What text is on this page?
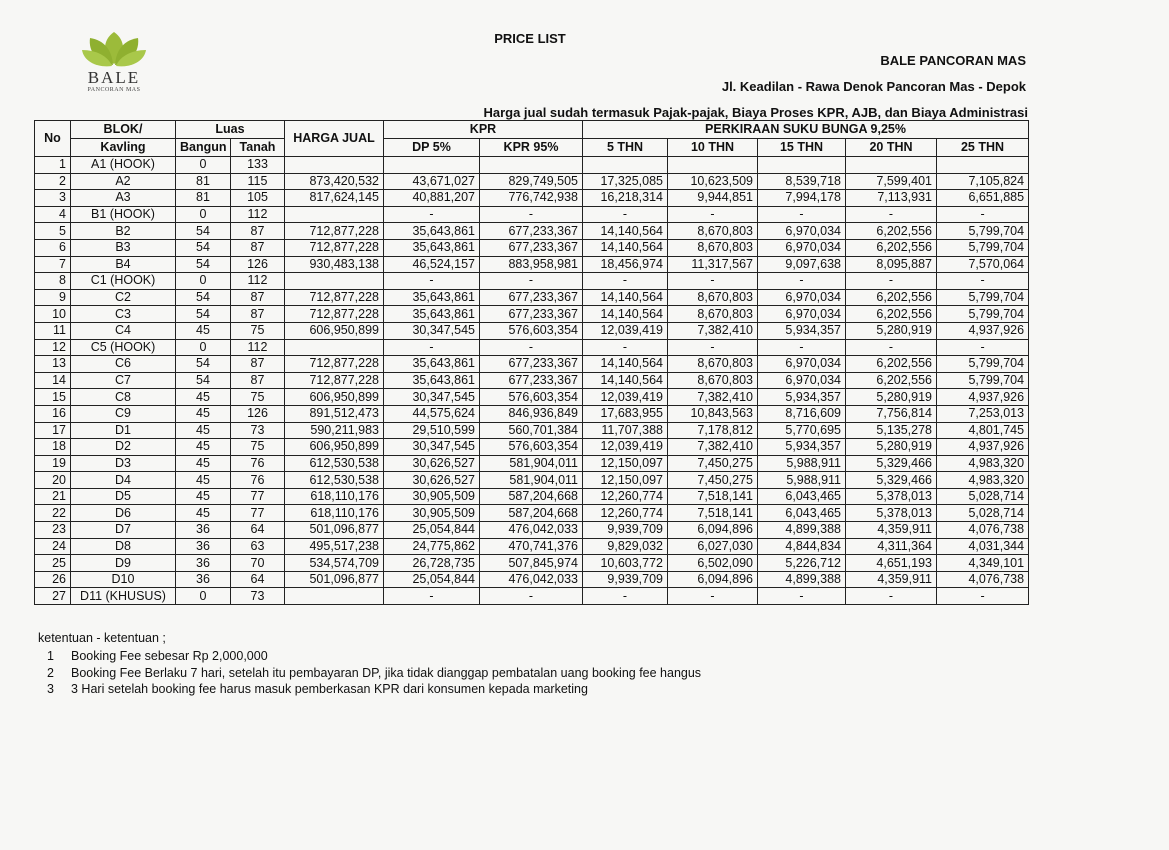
BALE
PANCORAN MAS
PRICE LIST
BALE PANCORAN MAS
Jl. Keadilan - Rawa Denok Pancoran Mas - Depok
Harga jual sudah termasuk Pajak-pajak, Biaya Proses KPR, AJB, dan Biaya Administrasi
No	BLOK/	Luas		HARGA JUAL	KPR		PERKIRAAN SUKU BUNGA 9,25%				
	Kavling	Bangun	Tanah		DP 5%	KPR 95%	5 THN	10 THN	15 THN	20 THN	25 THN
1	A1 (HOOK)	0	133								
2	A2	81	115	873,420,532	43,671,027	829,749,505	17,325,085	10,623,509	8,539,718	7,599,401	7,105,824
3	A3	81	105	817,624,145	40,881,207	776,742,938	16,218,314	9,944,851	7,994,178	7,113,931	6,651,885
4	B1 (HOOK)	0	112		-	-	-	-	-	-	-
5	B2	54	87	712,877,228	35,643,861	677,233,367	14,140,564	8,670,803	6,970,034	6,202,556	5,799,704
6	B3	54	87	712,877,228	35,643,861	677,233,367	14,140,564	8,670,803	6,970,034	6,202,556	5,799,704
7	B4	54	126	930,483,138	46,524,157	883,958,981	18,456,974	11,317,567	9,097,638	8,095,887	7,570,064
8	C1 (HOOK)	0	112		-	-	-	-	-	-	-
9	C2	54	87	712,877,228	35,643,861	677,233,367	14,140,564	8,670,803	6,970,034	6,202,556	5,799,704
10	C3	54	87	712,877,228	35,643,861	677,233,367	14,140,564	8,670,803	6,970,034	6,202,556	5,799,704
11	C4	45	75	606,950,899	30,347,545	576,603,354	12,039,419	7,382,410	5,934,357	5,280,919	4,937,926
12	C5 (HOOK)	0	112		-	-	-	-	-	-	-
13	C6	54	87	712,877,228	35,643,861	677,233,367	14,140,564	8,670,803	6,970,034	6,202,556	5,799,704
14	C7	54	87	712,877,228	35,643,861	677,233,367	14,140,564	8,670,803	6,970,034	6,202,556	5,799,704
15	C8	45	75	606,950,899	30,347,545	576,603,354	12,039,419	7,382,410	5,934,357	5,280,919	4,937,926
16	C9	45	126	891,512,473	44,575,624	846,936,849	17,683,955	10,843,563	8,716,609	7,756,814	7,253,013
17	D1	45	73	590,211,983	29,510,599	560,701,384	11,707,388	7,178,812	5,770,695	5,135,278	4,801,745
18	D2	45	75	606,950,899	30,347,545	576,603,354	12,039,419	7,382,410	5,934,357	5,280,919	4,937,926
19	D3	45	76	612,530,538	30,626,527	581,904,011	12,150,097	7,450,275	5,988,911	5,329,466	4,983,320
20	D4	45	76	612,530,538	30,626,527	581,904,011	12,150,097	7,450,275	5,988,911	5,329,466	4,983,320
21	D5	45	77	618,110,176	30,905,509	587,204,668	12,260,774	7,518,141	6,043,465	5,378,013	5,028,714
22	D6	45	77	618,110,176	30,905,509	587,204,668	12,260,774	7,518,141	6,043,465	5,378,013	5,028,714
23	D7	36	64	501,096,877	25,054,844	476,042,033	9,939,709	6,094,896	4,899,388	4,359,911	4,076,738
24	D8	36	63	495,517,238	24,775,862	470,741,376	9,829,032	6,027,030	4,844,834	4,311,364	4,031,344
25	D9	36	70	534,574,709	26,728,735	507,845,974	10,603,772	6,502,090	5,226,712	4,651,193	4,349,101
26	D10	36	64	501,096,877	25,054,844	476,042,033	9,939,709	6,094,896	4,899,388	4,359,911	4,076,738
27	D11 (KHUSUS)	0	73		-	-	-	-	-	-	-
ketentuan - ketentuan ;
1	Booking Fee sebesar Rp 2,000,000
2	Booking Fee Berlaku 7 hari, setelah itu pembayaran DP, jika tidak dianggap pembatalan uang booking fee hangus
3	3 Hari setelah booking fee harus masuk pemberkasan KPR dari konsumen kepada marketing
